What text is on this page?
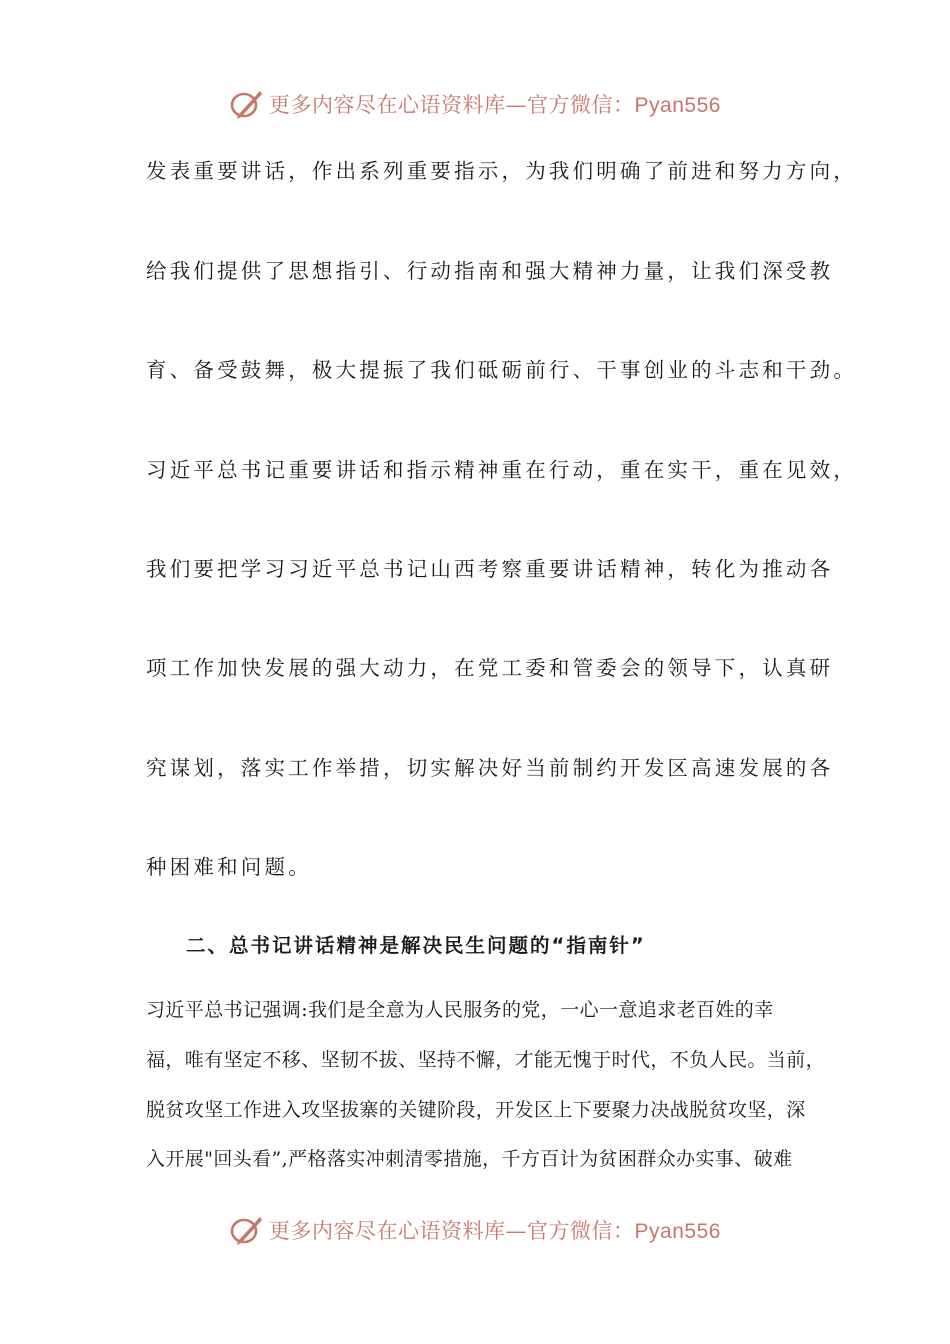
更多内容尽在心语资料库—官方微信：Pyan556
发表重要讲话，作出系列重要指示，为我们明确了前进和努力方向，
给我们提供了思想指引、行动指南和强大精神力量，让我们深受教
育、备受鼓舞，极大提振了我们砥砺前行、干事创业的斗志和干劲。
习近平总书记重要讲话和指示精神重在行动，重在实干，重在见效，
我们要把学习习近平总书记山西考察重要讲话精神，转化为推动各
项工作加快发展的强大动力，在党工委和管委会的领导下，认真研
究谋划，落实工作举措，切实解决好当前制约开发区高速发展的各
种困难和问题。
二、总书记讲话精神是解决民生问题的“指南针”
习近平总书记强调:我们是全意为人民服务的党，一心一意追求老百姓的幸
福，唯有坚定不移、坚韧不拔、坚持不懈，才能无愧于时代，不负人民。当前，
脱贫攻坚工作进入攻坚拔寨的关键阶段，开发区上下要聚力决战脱贫攻坚，深
入开展"回头看”,严格落实冲刺清零措施，千方百计为贫困群众办实事、破难
更多内容尽在心语资料库—官方微信：Pyan556
